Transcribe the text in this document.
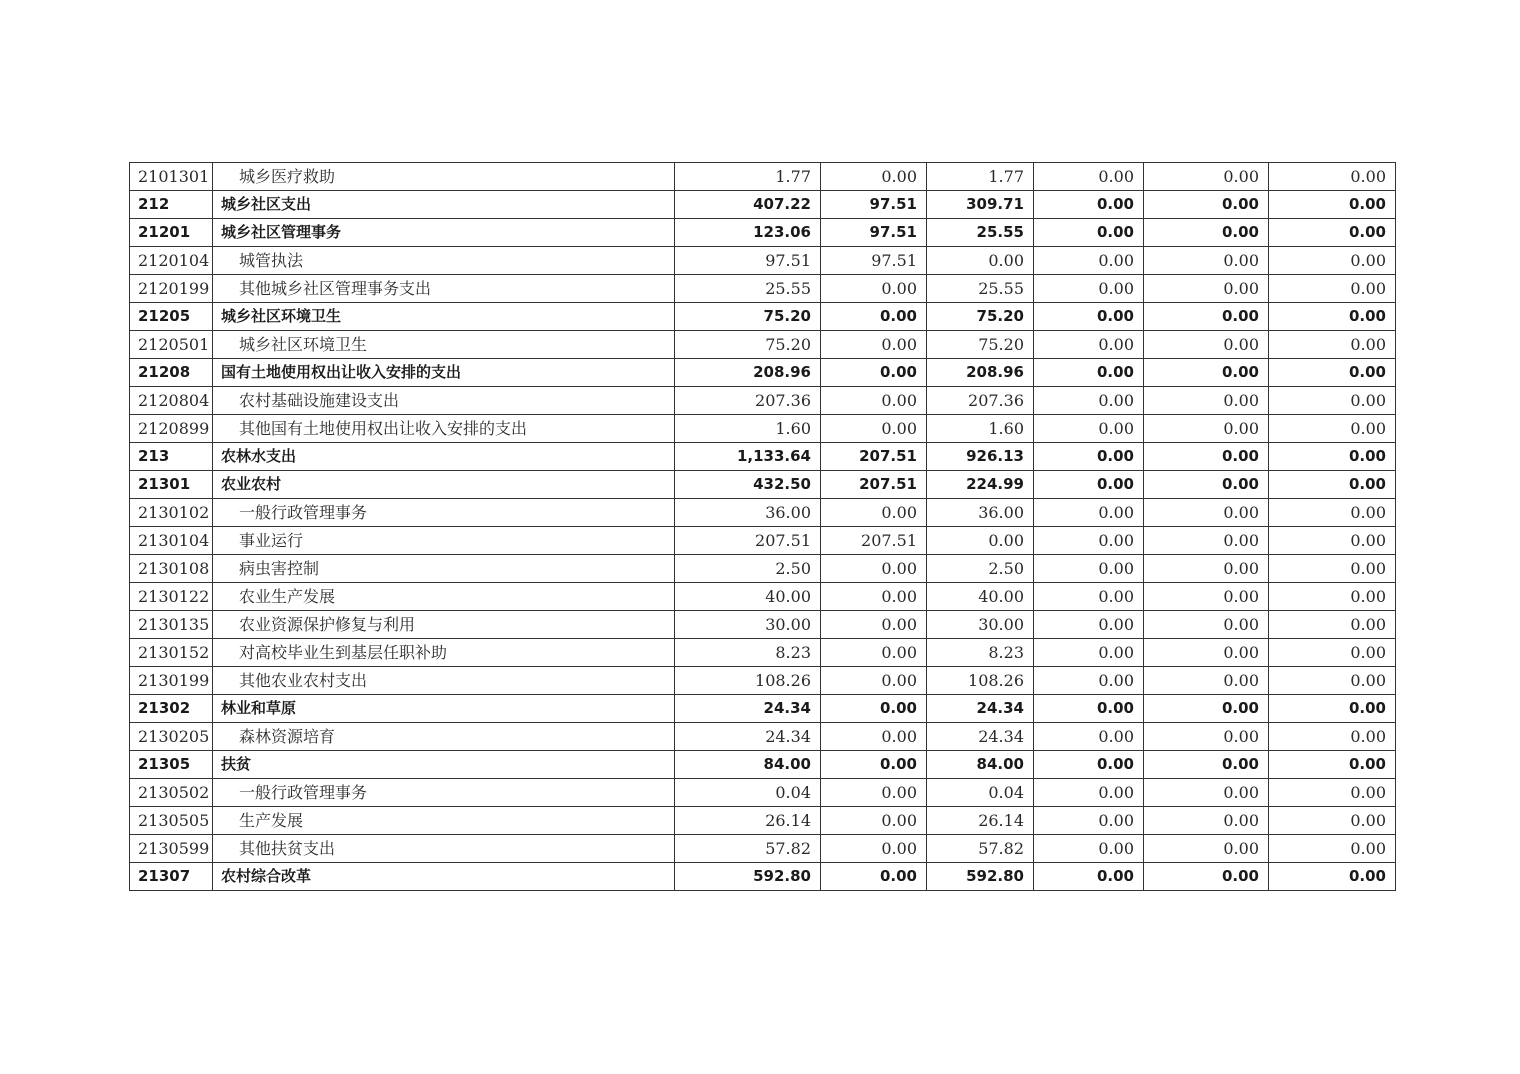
2101301	城乡医疗救助	1.77	0.00	1.77	0.00	0.00	0.00
212	城乡社区支出	407.22	97.51	309.71	0.00	0.00	0.00
21201	城乡社区管理事务	123.06	97.51	25.55	0.00	0.00	0.00
2120104	城管执法	97.51	97.51	0.00	0.00	0.00	0.00
2120199	其他城乡社区管理事务支出	25.55	0.00	25.55	0.00	0.00	0.00
21205	城乡社区环境卫生	75.20	0.00	75.20	0.00	0.00	0.00
2120501	城乡社区环境卫生	75.20	0.00	75.20	0.00	0.00	0.00
21208	国有土地使用权出让收入安排的支出	208.96	0.00	208.96	0.00	0.00	0.00
2120804	农村基础设施建设支出	207.36	0.00	207.36	0.00	0.00	0.00
2120899	其他国有土地使用权出让收入安排的支出	1.60	0.00	1.60	0.00	0.00	0.00
213	农林水支出	1,133.64	207.51	926.13	0.00	0.00	0.00
21301	农业农村	432.50	207.51	224.99	0.00	0.00	0.00
2130102	一般行政管理事务	36.00	0.00	36.00	0.00	0.00	0.00
2130104	事业运行	207.51	207.51	0.00	0.00	0.00	0.00
2130108	病虫害控制	2.50	0.00	2.50	0.00	0.00	0.00
2130122	农业生产发展	40.00	0.00	40.00	0.00	0.00	0.00
2130135	农业资源保护修复与利用	30.00	0.00	30.00	0.00	0.00	0.00
2130152	对高校毕业生到基层任职补助	8.23	0.00	8.23	0.00	0.00	0.00
2130199	其他农业农村支出	108.26	0.00	108.26	0.00	0.00	0.00
21302	林业和草原	24.34	0.00	24.34	0.00	0.00	0.00
2130205	森林资源培育	24.34	0.00	24.34	0.00	0.00	0.00
21305	扶贫	84.00	0.00	84.00	0.00	0.00	0.00
2130502	一般行政管理事务	0.04	0.00	0.04	0.00	0.00	0.00
2130505	生产发展	26.14	0.00	26.14	0.00	0.00	0.00
2130599	其他扶贫支出	57.82	0.00	57.82	0.00	0.00	0.00
21307	农村综合改革	592.80	0.00	592.80	0.00	0.00	0.00
